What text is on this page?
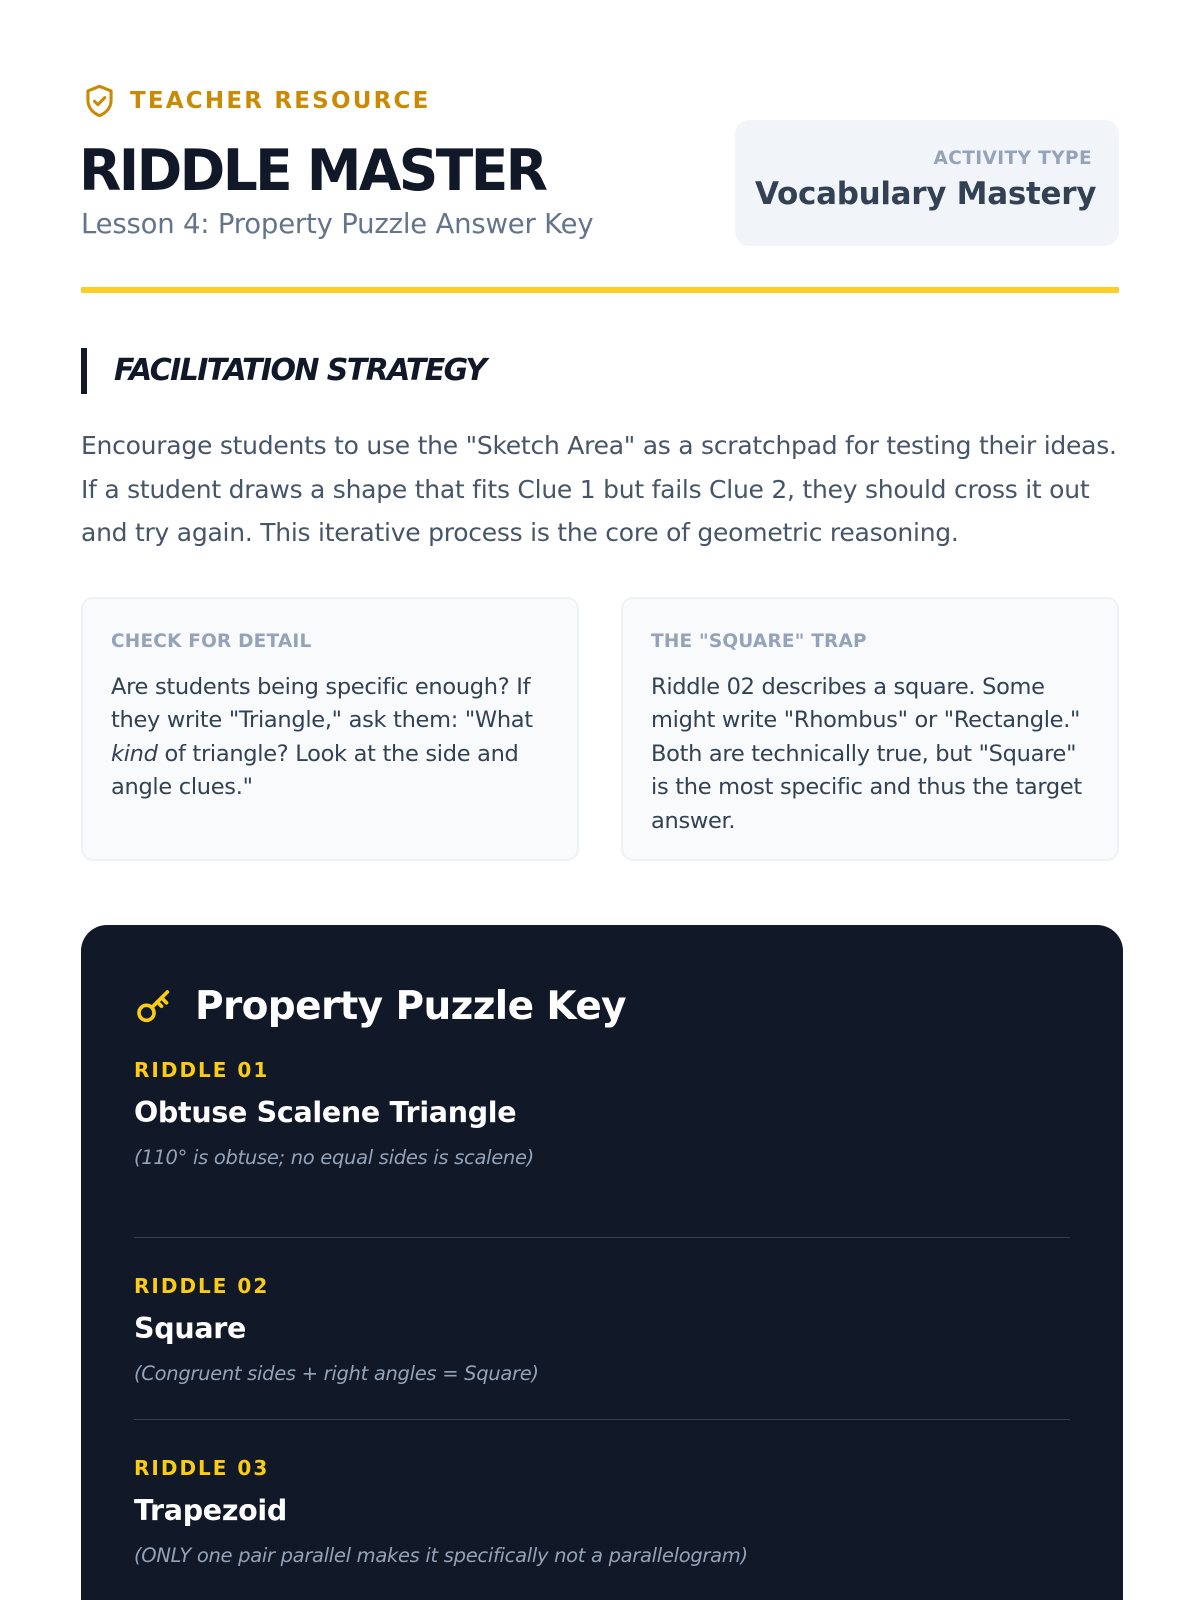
TEACHER RESOURCE
RIDDLE MASTER
Lesson 4: Property Puzzle Answer Key
ACTIVITY TYPE
Vocabulary Mastery
FACILITATION STRATEGY

Encourage students to use the "Sketch Area" as a scratchpad for testing their ideas. If a student draws a shape that fits Clue 1 but fails Clue 2, they should cross it out and try again. This iterative process is the core of geometric reasoning.

CHECK FOR DETAIL

Are students being specific enough? If they write "Triangle," ask them: "What kind of triangle? Look at the side and angle clues."

THE "SQUARE" TRAP

Riddle 02 describes a square. Some might write "Rhombus" or "Rectangle." Both are technically true, but "Square" is the most specific and thus the target answer.

Property Puzzle Key
RIDDLE 01
Obtuse Scalene Triangle
(110° is obtuse; no equal sides is scalene)
RIDDLE 02
Square
(Congruent sides + right angles = Square)
RIDDLE 03
Trapezoid
(ONLY one pair parallel makes it specifically not a parallelogram)
